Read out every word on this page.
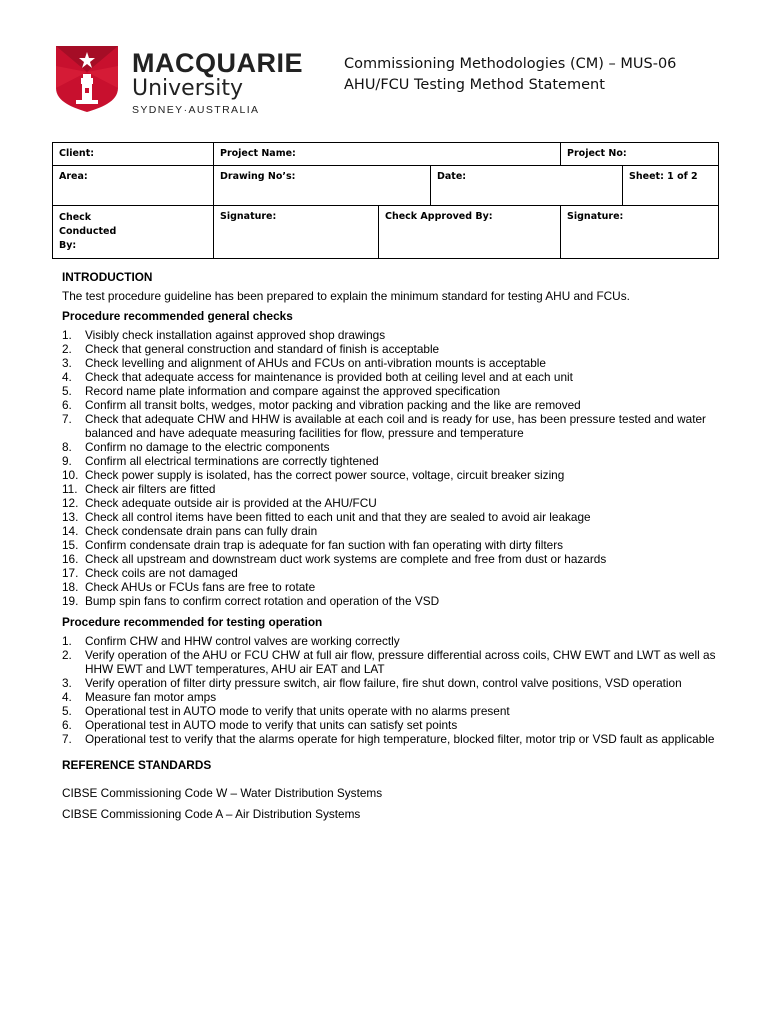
MACQUARIE
University
SYDNEY·AUSTRALIA
Commissioning Methodologies (CM) – MUS-06
AHU/FCU Testing Method Statement
Client:	Project Name:			Project No:	
Area:	Drawing No’s:		Date:		Sheet: 1 of 2

Check
Conducted
By:	Signature:	Check Approved By:		Signature:	
INTRODUCTION
The test procedure guideline has been prepared to explain the minimum standard for testing AHU and FCUs.
Procedure recommended general checks
1. Visibly check installation against approved shop drawings
2. Check that general construction and standard of finish is acceptable
3. Check levelling and alignment of AHUs and FCUs on anti-vibration mounts is acceptable
4. Check that adequate access for maintenance is provided both at ceiling level and at each unit
5. Record name plate information and compare against the approved specification
6. Confirm all transit bolts, wedges, motor packing and vibration packing and the like are removed
7. Check that adequate CHW and HHW is available at each coil and is ready for use, has been pressure tested and water balanced and have adequate measuring facilities for flow, pressure and temperature
8. Confirm no damage to the electric components
9. Confirm all electrical terminations are correctly tightened
10. Check power supply is isolated, has the correct power source, voltage, circuit breaker sizing
11. Check air filters are fitted
12. Check adequate outside air is provided at the AHU/FCU
13. Check all control items have been fitted to each unit and that they are sealed to avoid air leakage
14. Check condensate drain pans can fully drain
15. Confirm condensate drain trap is adequate for fan suction with fan operating with dirty filters
16. Check all upstream and downstream duct work systems are complete and free from dust or hazards
17. Check coils are not damaged
18. Check AHUs or FCUs fans are free to rotate
19. Bump spin fans to confirm correct rotation and operation of the VSD
Procedure recommended for testing operation
1. Confirm CHW and HHW control valves are working correctly
2. Verify operation of the AHU or FCU CHW at full air flow, pressure differential across coils, CHW EWT and LWT as well as HHW EWT and LWT temperatures, AHU air EAT and LAT
3. Verify operation of filter dirty pressure switch, air flow failure, fire shut down, control valve positions, VSD operation
4. Measure fan motor amps
5. Operational test in AUTO mode to verify that units operate with no alarms present
6. Operational test in AUTO mode to verify that units can satisfy set points
7. Operational test to verify that the alarms operate for high temperature, blocked filter, motor trip or VSD fault as applicable
REFERENCE STANDARDS
CIBSE Commissioning Code W – Water Distribution Systems
CIBSE Commissioning Code A – Air Distribution Systems
